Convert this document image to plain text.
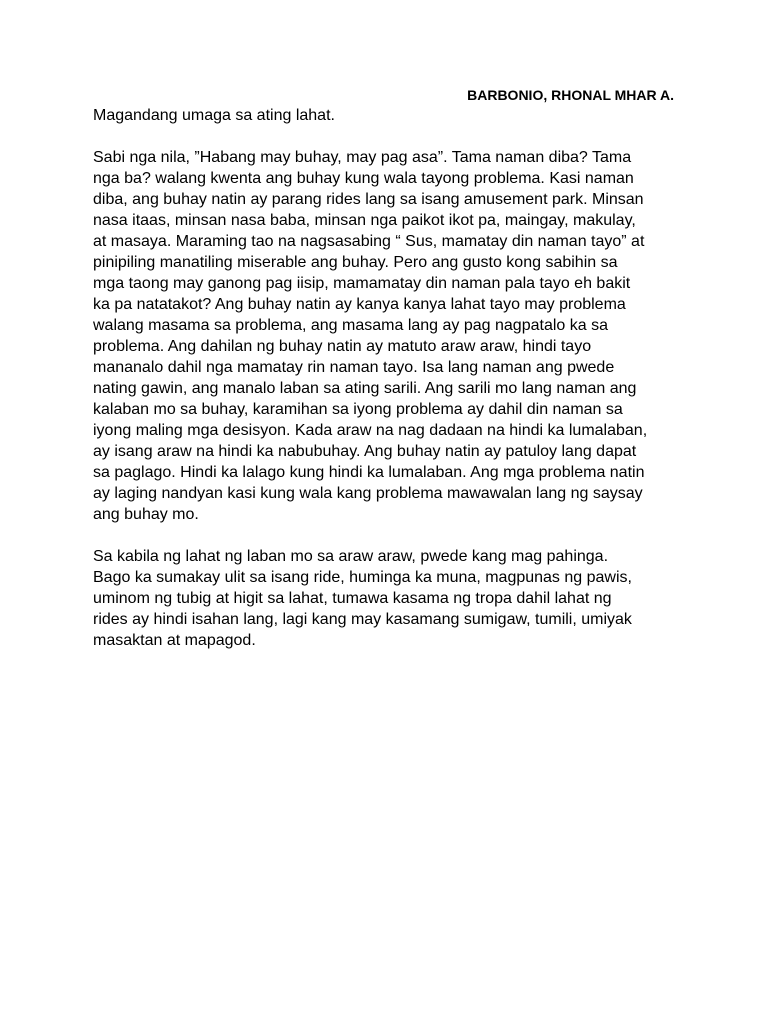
BARBONIO, RHONAL MHAR A.

Magandang umaga sa ating lahat.

Sabi nga nila, ”Habang may buhay, may pag asa”. Tama naman diba? Tama
nga ba? walang kwenta ang buhay kung wala tayong problema. Kasi naman
diba, ang buhay natin ay parang rides lang sa isang amusement park. Minsan
nasa itaas, minsan nasa baba, minsan nga paikot ikot pa, maingay, makulay,
at masaya. Maraming tao na nagsasabing “ Sus, mamatay din naman tayo” at
pinipiling manatiling miserable ang buhay. Pero ang gusto kong sabihin sa
mga taong may ganong pag iisip, mamamatay din naman pala tayo eh bakit
ka pa natatakot? Ang buhay natin ay kanya kanya lahat tayo may problema
walang masama sa problema, ang masama lang ay pag nagpatalo ka sa
problema. Ang dahilan ng buhay natin ay matuto araw araw, hindi tayo
mananalo dahil nga mamatay rin naman tayo. Isa lang naman ang pwede
nating gawin, ang manalo laban sa ating sarili. Ang sarili mo lang naman ang
kalaban mo sa buhay, karamihan sa iyong problema ay dahil din naman sa
iyong maling mga desisyon. Kada araw na nag dadaan na hindi ka lumalaban,
ay isang araw na hindi ka nabubuhay. Ang buhay natin ay patuloy lang dapat
sa paglago. Hindi ka lalago kung hindi ka lumalaban. Ang mga problema natin
ay laging nandyan kasi kung wala kang problema mawawalan lang ng saysay
ang buhay mo.

Sa kabila ng lahat ng laban mo sa araw araw, pwede kang mag pahinga.
Bago ka sumakay ulit sa isang ride, huminga ka muna, magpunas ng pawis,
uminom ng tubig at higit sa lahat, tumawa kasama ng tropa dahil lahat ng
rides ay hindi isahan lang, lagi kang may kasamang sumigaw, tumili, umiyak
masaktan at mapagod.
